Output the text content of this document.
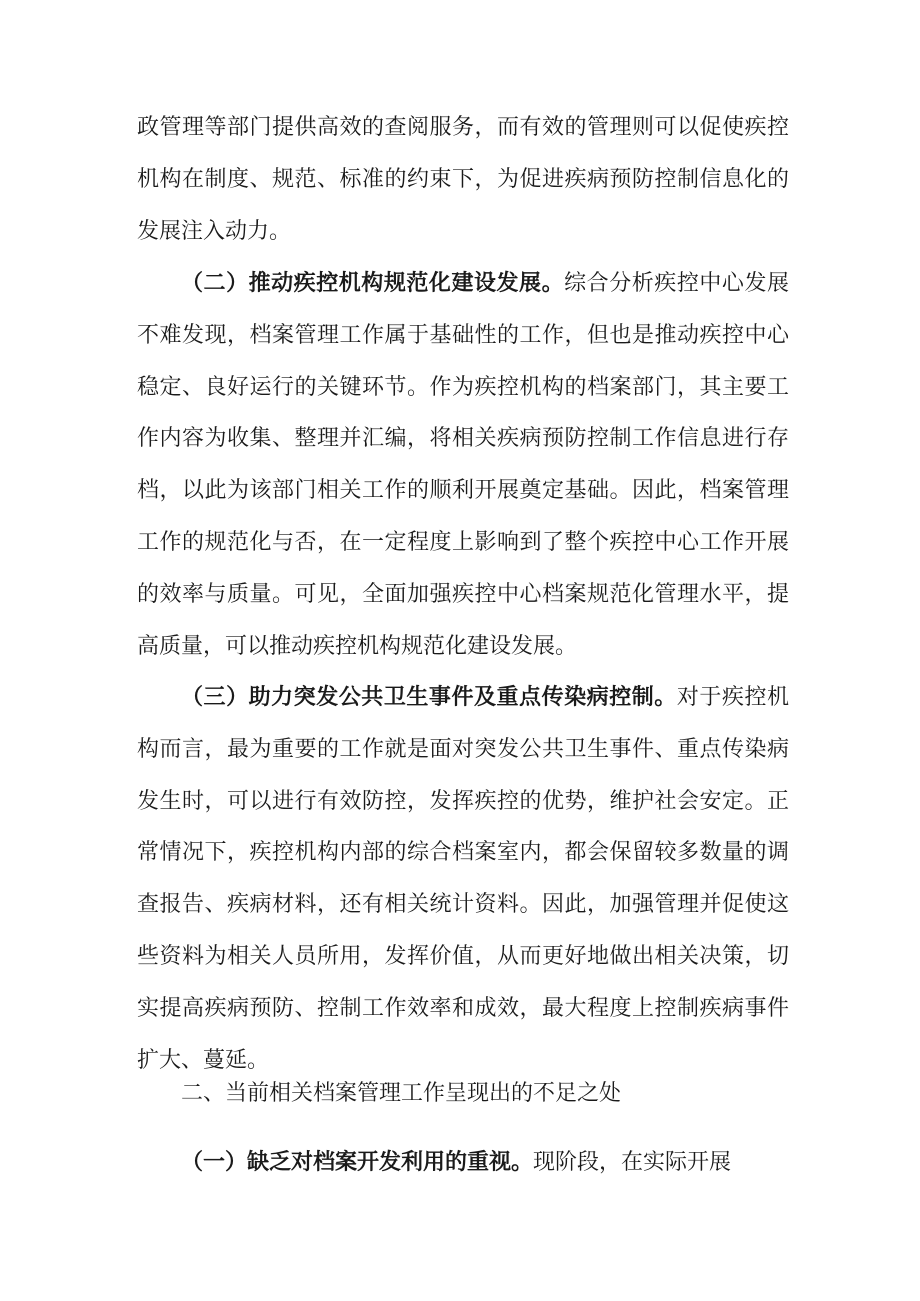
政管理等部门提供高效的查阅服务，而有效的管理则可以促使疾控机构在制度、规范、标准的约束下，为促进疾病预防控制信息化的发展注入动力。

（二）推动疾控机构规范化建设发展。综合分析疾控中心发展不难发现，档案管理工作属于基础性的工作，但也是推动疾控中心稳定、良好运行的关键环节。作为疾控机构的档案部门，其主要工作内容为收集、整理并汇编，将相关疾病预防控制工作信息进行存档，以此为该部门相关工作的顺利开展奠定基础。因此，档案管理工作的规范化与否，在一定程度上影响到了整个疾控中心工作开展的效率与质量。可见，全面加强疾控中心档案规范化管理水平，提高质量，可以推动疾控机构规范化建设发展。

（三）助力突发公共卫生事件及重点传染病控制。对于疾控机构而言，最为重要的工作就是面对突发公共卫生事件、重点传染病发生时，可以进行有效防控，发挥疾控的优势，维护社会安定。正常情况下，疾控机构内部的综合档案室内，都会保留较多数量的调查报告、疾病材料，还有相关统计资料。因此，加强管理并促使这些资料为相关人员所用，发挥价值，从而更好地做出相关决策，切实提高疾病预防、控制工作效率和成效，最大程度上控制疾病事件扩大、蔓延。

二、当前相关档案管理工作呈现出的不足之处

（一）缺乏对档案开发利用的重视。现阶段，在实际开展
